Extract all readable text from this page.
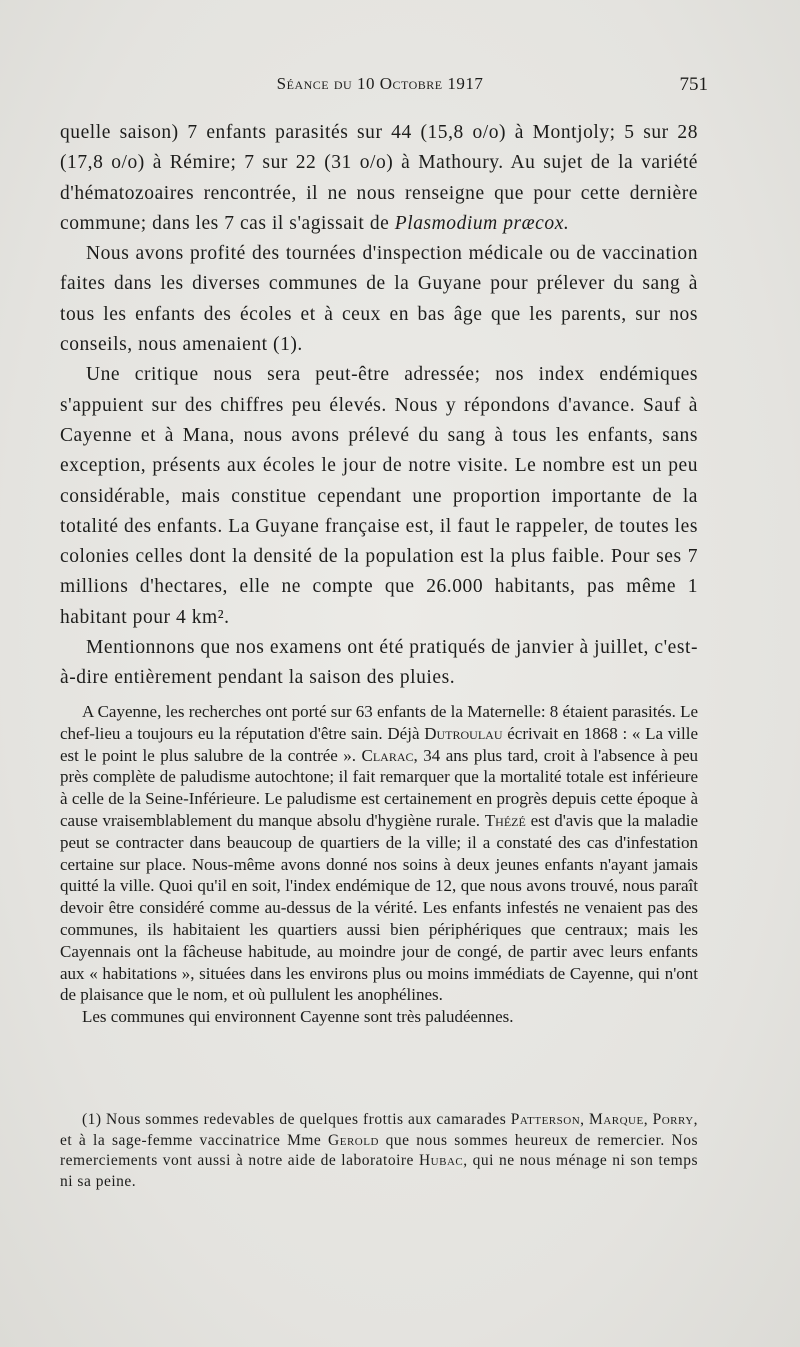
Séance du 10 Octobre 1917	751

quelle saison) 7 enfants parasités sur 44 (15,8 o/o) à Montjoly; 5 sur 28 (17,8 o/o) à Rémire; 7 sur 22 (31 o/o) à Mathoury. Au sujet de la variété d'hématozoaires rencontrée, il ne nous renseigne que pour cette dernière commune; dans les 7 cas il s'agissait de Plasmodium præcox.

Nous avons profité des tournées d'inspection médicale ou de vaccination faites dans les diverses communes de la Guyane pour prélever du sang à tous les enfants des écoles et à ceux en bas âge que les parents, sur nos conseils, nous amenaient (1).

Une critique nous sera peut-être adressée; nos index endémiques s'appuient sur des chiffres peu élevés. Nous y répondons d'avance. Sauf à Cayenne et à Mana, nous avons prélevé du sang à tous les enfants, sans exception, présents aux écoles le jour de notre visite. Le nombre est un peu considérable, mais constitue cependant une proportion importante de la totalité des enfants. La Guyane française est, il faut le rappeler, de toutes les colonies celles dont la densité de la population est la plus faible. Pour ses 7 millions d'hectares, elle ne compte que 26.000 habitants, pas même 1 habitant pour 4 km².

Mentionnons que nos examens ont été pratiqués de janvier à juillet, c'est-à-dire entièrement pendant la saison des pluies.

A Cayenne, les recherches ont porté sur 63 enfants de la Maternelle: 8 étaient parasités. Le chef-lieu a toujours eu la réputation d'être sain. Déjà Dutroulau écrivait en 1868 : « La ville est le point le plus salubre de la contrée ». Clarac, 34 ans plus tard, croit à l'absence à peu près complète de paludisme autochtone; il fait remarquer que la mortalité totale est inférieure à celle de la Seine-Inférieure. Le paludisme est certainement en progrès depuis cette époque à cause vraisemblablement du manque absolu d'hygiène rurale. Thézé est d'avis que la maladie peut se contracter dans beaucoup de quartiers de la ville; il a constaté des cas d'infestation certaine sur place. Nous-même avons donné nos soins à deux jeunes enfants n'ayant jamais quitté la ville. Quoi qu'il en soit, l'index endémique de 12, que nous avons trouvé, nous paraît devoir être considéré comme au-dessus de la vérité. Les enfants infestés ne venaient pas des communes, ils habitaient les quartiers aussi bien périphériques que centraux; mais les Cayennais ont la fâcheuse habitude, au moindre jour de congé, de partir avec leurs enfants aux « habitations », situées dans les environs plus ou moins immédiats de Cayenne, qui n'ont de plaisance que le nom, et où pullulent les anophélines.

Les communes qui environnent Cayenne sont très paludéennes.

(1) Nous sommes redevables de quelques frottis aux camarades Patterson, Marque, Porry, et à la sage-femme vaccinatrice Mme Gerold que nous sommes heureux de remercier. Nos remerciements vont aussi à notre aide de laboratoire Hubac, qui ne nous ménage ni son temps ni sa peine.
